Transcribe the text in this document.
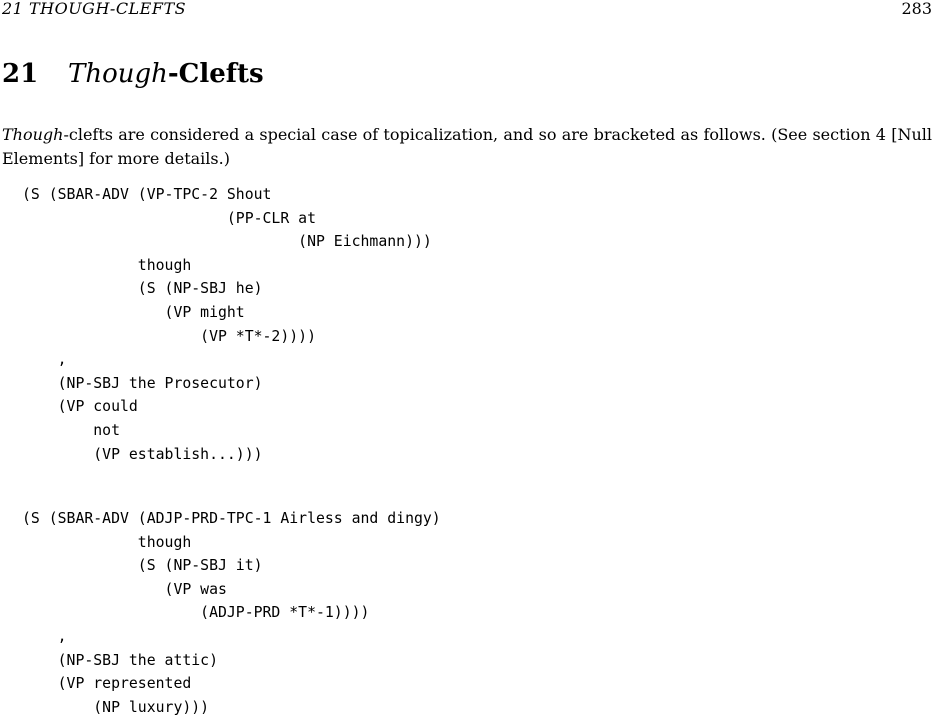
21 THOUGH-CLEFTS	283
21 Though-Clefts

Though-clefts are considered a special case of topicalization, and so are bracketed as follows. (See section 4 [Null Elements] for more details.)

(S (SBAR-ADV (VP-TPC-2 Shout
(PP-CLR at
(NP Eichmann)))
though
(S (NP-SBJ he)
(VP might
(VP *T*-2))))
,
(NP-SBJ the Prosecutor)
(VP could
not
(VP establish...)))
(S (SBAR-ADV (ADJP-PRD-TPC-1 Airless and dingy)
though
(S (NP-SBJ it)
(VP was
(ADJP-PRD *T*-1))))
,
(NP-SBJ the attic)
(VP represented
(NP luxury)))
